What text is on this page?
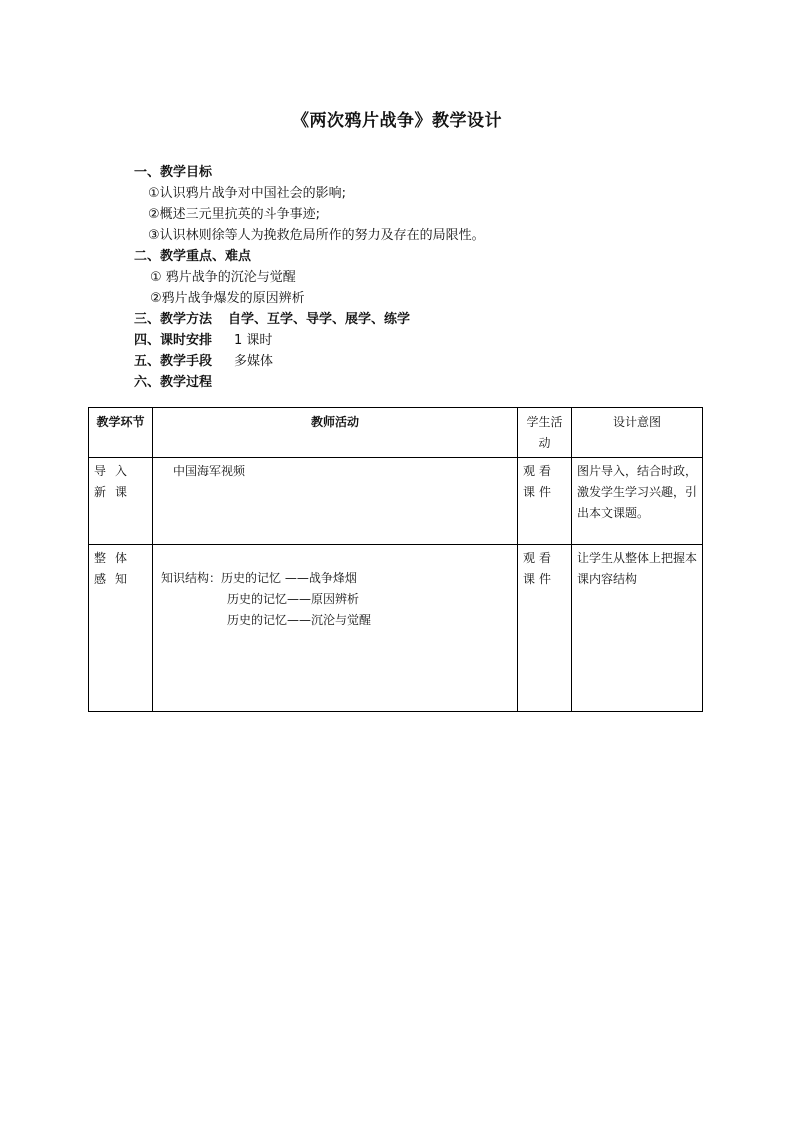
《两次鸦片战争》教学设计
一、教学目标
①认识鸦片战争对中国社会的影响;
②概述三元里抗英的斗争事迹;
③认识林则徐等人为挽救危局所作的努力及存在的局限性。
二、教学重点、难点
① 鸦片战争的沉沦与觉醒
②鸦片战争爆发的原因辨析
三、教学方法 自学、互学、导学、展学、练学
四、课时安排 1 课时
五、教学手段 多媒体
六、教学过程
教学环节	教师活动	学生活动	设计意图
导入新课	中国海军视频	观看课件	图片导入，结合时政，激发学生学习兴趣，引出本文课题。
整体感知	知识结构：历史的记忆 ——战争烽烟
历史的记忆——原因辨析
历史的记忆——沉沦与觉醒	观看课件	让学生从整体上把握本课内容结构
